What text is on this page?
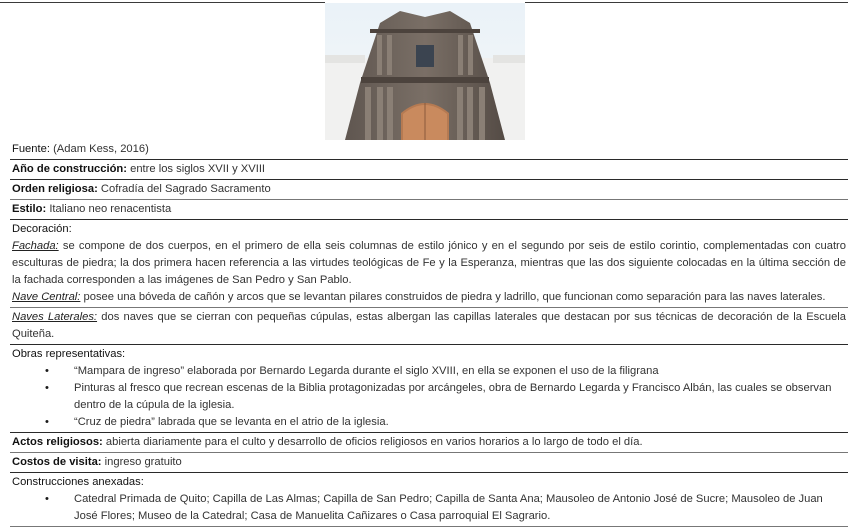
Fuente: (Adam Kess, 2016)
Año de construcción: entre los siglos XVII y XVIII
Orden religiosa: Cofradía del Sagrado Sacramento
Estilo: Italiano neo renacentista
Decoración:
Fachada: se compone de dos cuerpos, en el primero de ella seis columnas de estilo jónico y en el segundo por seis de estilo corintio, complementadas con cuatro esculturas de piedra; la dos primera hacen referencia a las virtudes teológicas de Fe y la Esperanza, mientras que las dos siguiente colocadas en la última sección de la fachada corresponden a las imágenes de San Pedro y San Pablo.
Nave Central: posee una bóveda de cañón y arcos que se levantan pilares construidos de piedra y ladrillo, que funcionan como separación para las naves laterales.
Naves Laterales: dos naves que se cierran con pequeñas cúpulas, estas albergan las capillas laterales que destacan por sus técnicas de decoración de la Escuela Quiteña.
Obras representativas:
• “Mampara de ingreso” elaborada por Bernardo Legarda durante el siglo XVIII, en ella se exponen el uso de la filigrana
• Pinturas al fresco que recrean escenas de la Biblia protagonizadas por arcángeles, obra de Bernardo Legarda y Francisco Albán, las cuales se observan dentro de la cúpula de la iglesia.
• “Cruz de piedra” labrada que se levanta en el atrio de la iglesia.
Actos religiosos: abierta diariamente para el culto y desarrollo de oficios religiosos en varios horarios a lo largo de todo el día.
Costos de visita: ingreso gratuito
Construcciones anexadas:
• Catedral Primada de Quito; Capilla de Las Almas; Capilla de San Pedro; Capilla de Santa Ana; Mausoleo de Antonio José de Sucre; Mausoleo de Juan José Flores; Museo de la Catedral; Casa de Manuelita Cañizares o Casa parroquial El Sagrario.
